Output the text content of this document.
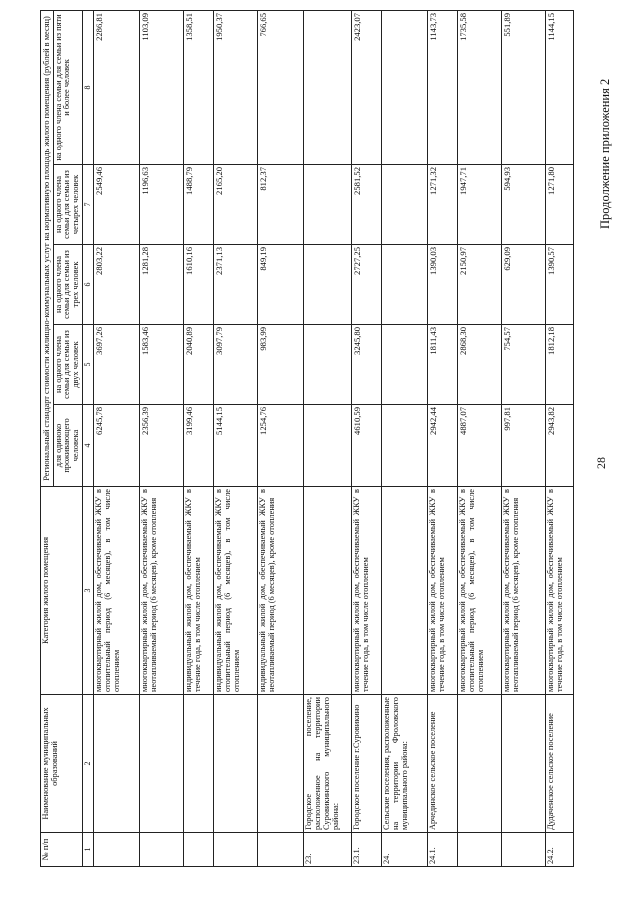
28
Продолжение приложения 2
№ п/п	Наименование муниципальных образований	Категория жилого помещения	Региональный стандарт стоимости жилищно-коммунальных услуг на нормативную площадь жилого помещения (рублей в месяц)				
			для одиноко проживающего человека	на одного члена семьи для семьи из двух человек	на одного члена семьи для семьи из трех человек	на одного члена семьи для семьи из четырех человек	на одного члена семьи для семьи из пяти и более человек
1	2	3	4	5	6	7	8
		многоквартирный жилой дом, обеспечиваемый ЖКУ в отопительный период (6 месяцев), в том числе отоплением	6245,78	3697,26	2803,22	2549,46	2286,81
		многоквартирный жилой дом, обеспечиваемый ЖКУ в неотапливаемый период (6 месяцев), кроме отопления	2356,39	1583,46	1281,28	1196,63	1103,09
		индивидуальный жилой дом, обеспечиваемый ЖКУ в течение года, в том числе отоплением	3199,46	2040,89	1610,16	1488,79	1358,51
		индивидуальный жилой дом, обеспечиваемый ЖКУ в отопительный период (6 месяцев), в том числе отоплением	5144,15	3097,79	2371,13	2165,20	1950,37
		индивидуальный жилой дом, обеспечиваемый ЖКУ в неотапливаемый период (6 месяцев), кроме отопления	1254,76	983,99	849,19	812,37	766,65
23.	Городское поселение, расположенное на территории Суровикинского муниципального района:						
23.1.	Городское поселение г.Суровикино	многоквартирный жилой дом, обеспечиваемый ЖКУ в течение года, в том числе отоплением	4610,59	3245,80	2727,25	2581,52	2423,07
24.	Сельские поселения, расположенные на территории Фроловского муниципального района:						
24.1.	Арчединское сельское поселение	многоквартирный жилой дом, обеспечиваемый ЖКУ в течение года, в том числе отоплением	2942,44	1811,43	1390,03	1271,32	1143,73
		многоквартирный жилой дом, обеспечиваемый ЖКУ в отопительный период (6 месяцев), в том числе отоплением	4887,07	2868,30	2150,97	1947,71	1735,58
		многоквартирный жилой дом, обеспечиваемый ЖКУ в неотапливаемый период (6 месяцев), кроме отопления	997,81	754,57	629,09	594,93	551,89
24.2.	Дудаченское сельское поселение	многоквартирный жилой дом, обеспечиваемый ЖКУ в течение года, в том числе отоплением	2943,82	1812,18	1390,57	1271,80	1144,15
